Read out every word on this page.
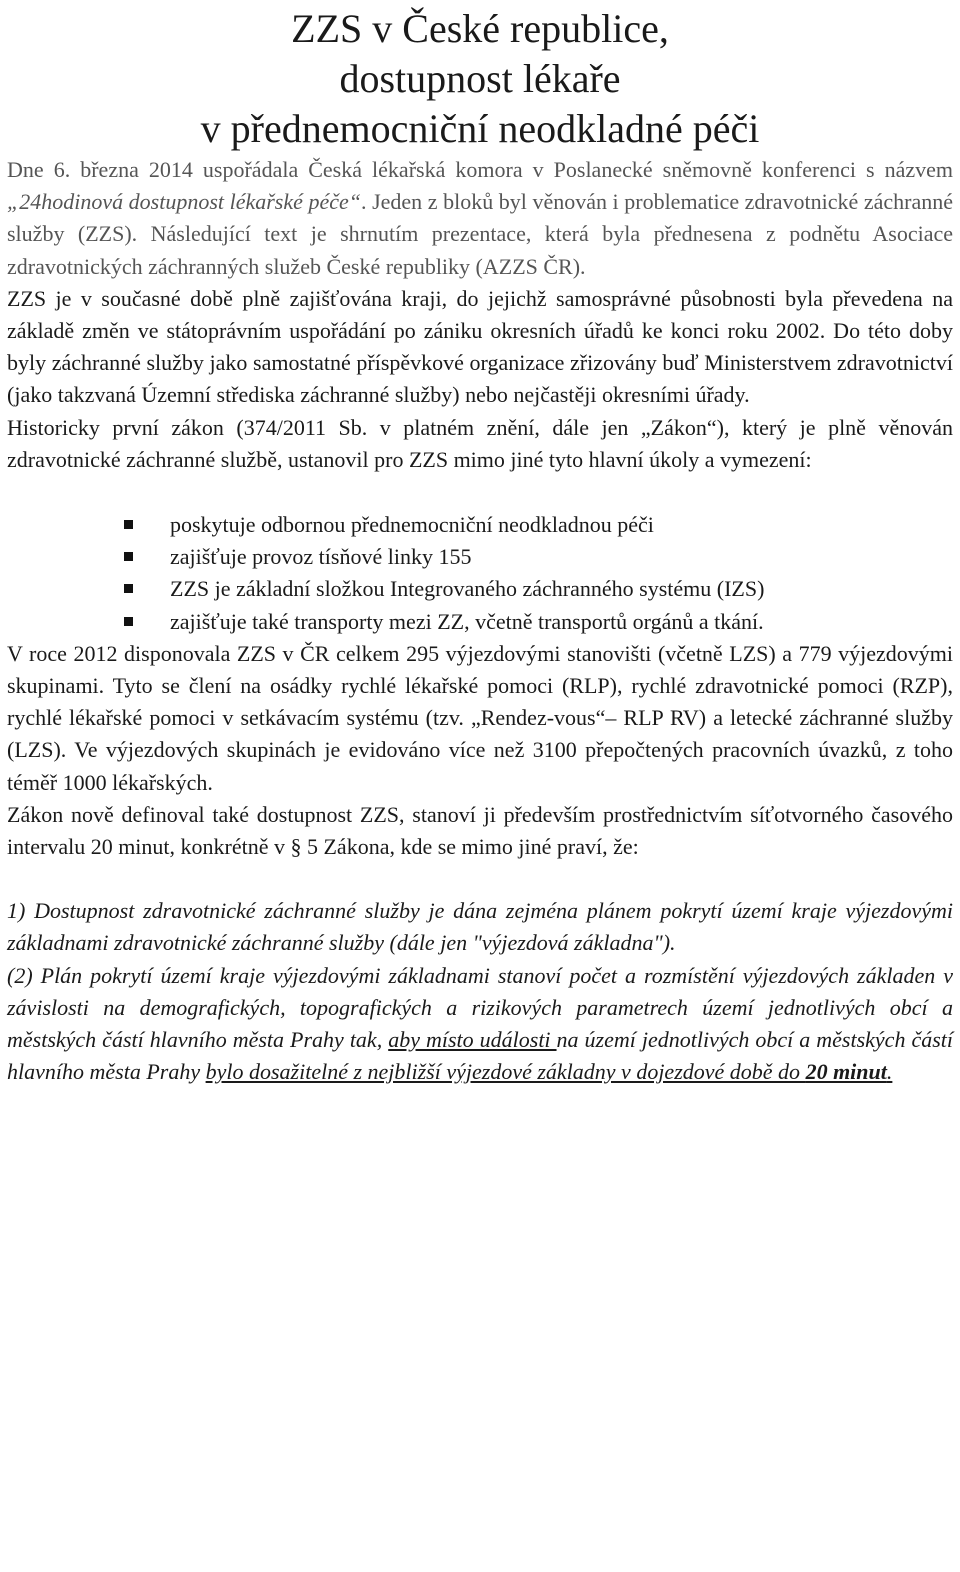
ZZS v České republice,
dostupnost lékaře
v přednemocniční neodkladné péči

Dne 6. března 2014 uspořádala Česká lékařská komora v Poslanecké sněmovně konferenci s názvem „24hodinová dostupnost lékařské péče“. Jeden z bloků byl věnován i problematice zdravotnické záchranné služby (ZZS). Následující text je shrnutím prezentace, která byla přednesena z podnětu Asociace zdravotnických záchranných služeb České republiky (AZZS ČR).

ZZS je v současné době plně zajišťována kraji, do jejichž samosprávné působnosti byla převedena na základě změn ve státoprávním uspořádání po zániku okresních úřadů ke konci roku 2002. Do této doby byly záchranné služby jako samostatné příspěvkové organizace zřizovány buď Ministerstvem zdravotnictví (jako takzvaná Územní střediska záchranné služby) nebo nejčastěji okresními úřady.

Historicky první zákon (374/2011 Sb. v platném znění, dále jen „Zákon“), který je plně věnován zdravotnické záchranné službě, ustanovil pro ZZS mimo jiné tyto hlavní úkoly a vymezení:

poskytuje odbornou přednemocniční neodkladnou péči
zajišťuje provoz tísňové linky 155
ZZS je základní složkou Integrovaného záchranného systému (IZS)
zajišťuje také transporty mezi ZZ, včetně transportů orgánů a tkání.

V roce 2012 disponovala ZZS v ČR celkem 295 výjezdovými stanovišti (včetně LZS) a 779 výjezdovými skupinami. Tyto se člení na osádky rychlé lékařské pomoci (RLP), rychlé zdravotnické pomoci (RZP), rychlé lékařské pomoci v setkávacím systému (tzv. „Rendez-vous“– RLP RV) a letecké záchranné služby (LZS). Ve výjezdových skupinách je evidováno více než 3100 přepočtených pracovních úvazků, z toho téměř 1000 lékařských.

Zákon nově definoval také dostupnost ZZS, stanoví ji především prostřednictvím síťotvorného časového intervalu 20 minut, konkrétně v § 5 Zákona, kde se mimo jiné praví, že:

1) Dostupnost zdravotnické záchranné služby je dána zejména plánem pokrytí území kraje výjezdovými základnami zdravotnické záchranné služby (dále jen "výjezdová základna").

(2) Plán pokrytí území kraje výjezdovými základnami stanoví počet a rozmístění výjezdových základen v závislosti na demografických, topografických a rizikových parametrech území jednotlivých obcí a městských částí hlavního města Prahy tak, aby místo události na území jednotlivých obcí a městských částí hlavního města Prahy bylo dosažitelné z nejbližší výjezdové základny v dojezdové době do 20 minut.
